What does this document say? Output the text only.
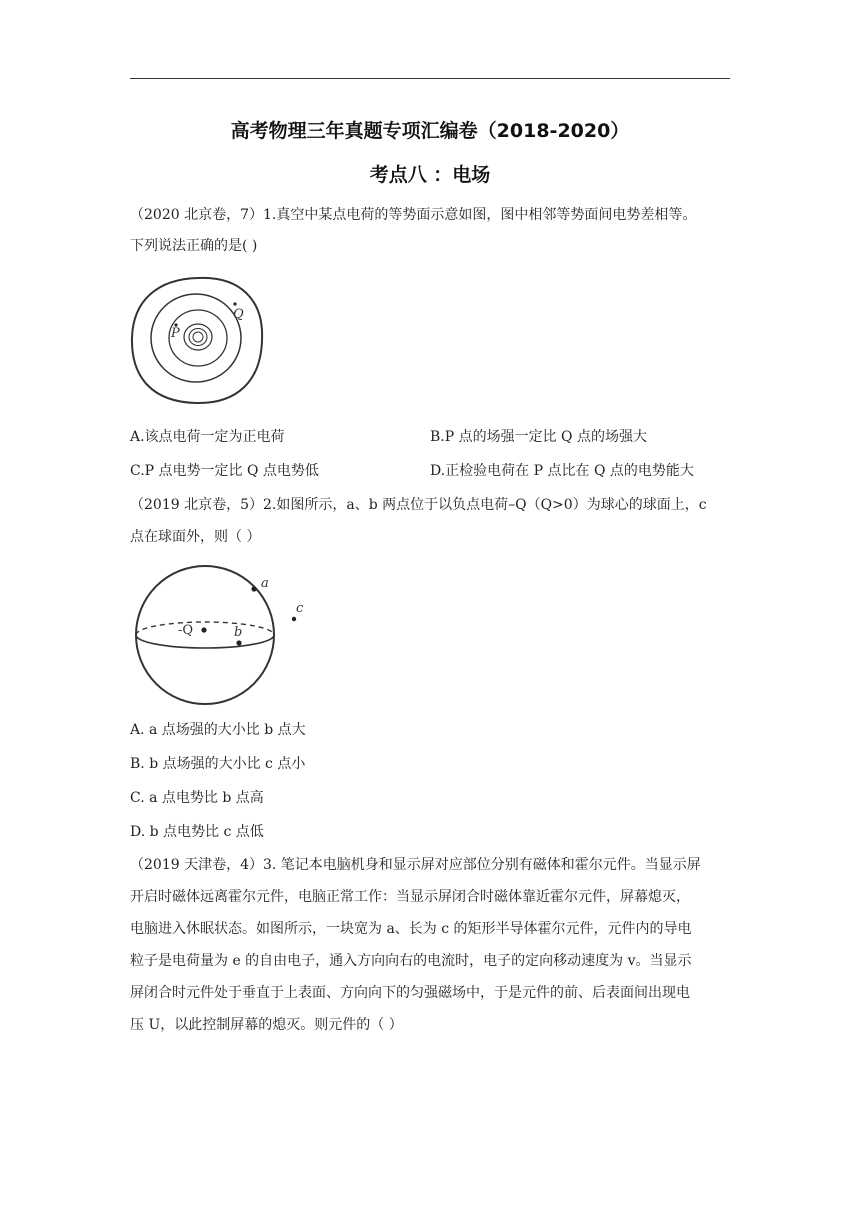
高考物理三年真题专项汇编卷（2018-2020）
考点八 ：电场
（2020 北京卷，7）1.真空中某点电荷的等势面示意如图，图中相邻等势面间电势差相等。
下列说法正确的是( )
P
Q
A.该点电荷一定为正电荷	B.P 点的场强一定比 Q 点的场强大
C.P 点电势一定比 Q 点电势低	D.正检验电荷在 P 点比在 Q 点的电势能大
（2019 北京卷，5）2.如图所示，a、b 两点位于以负点电荷–Q（Q>0）为球心的球面上，c
点在球面外，则（ ）
-Q
a
b
c
A. a 点场强的大小比 b 点大
B. b 点场强的大小比 c 点小
C. a 点电势比 b 点高
D. b 点电势比 c 点低
（2019 天津卷，4）3. 笔记本电脑机身和显示屏对应部位分别有磁体和霍尔元件。当显示屏
开启时磁体远离霍尔元件，电脑正常工作：当显示屏闭合时磁体靠近霍尔元件，屏幕熄灭，
电脑进入休眠状态。如图所示，一块宽为 a、长为 c 的矩形半导体霍尔元件，元件内的导电
粒子是电荷量为 e 的自由电子，通入方向向右的电流时，电子的定向移动速度为 v。当显示
屏闭合时元件处于垂直于上表面、方向向下的匀强磁场中，于是元件的前、后表面间出现电
压 U，以此控制屏幕的熄灭。则元件的（ ）
